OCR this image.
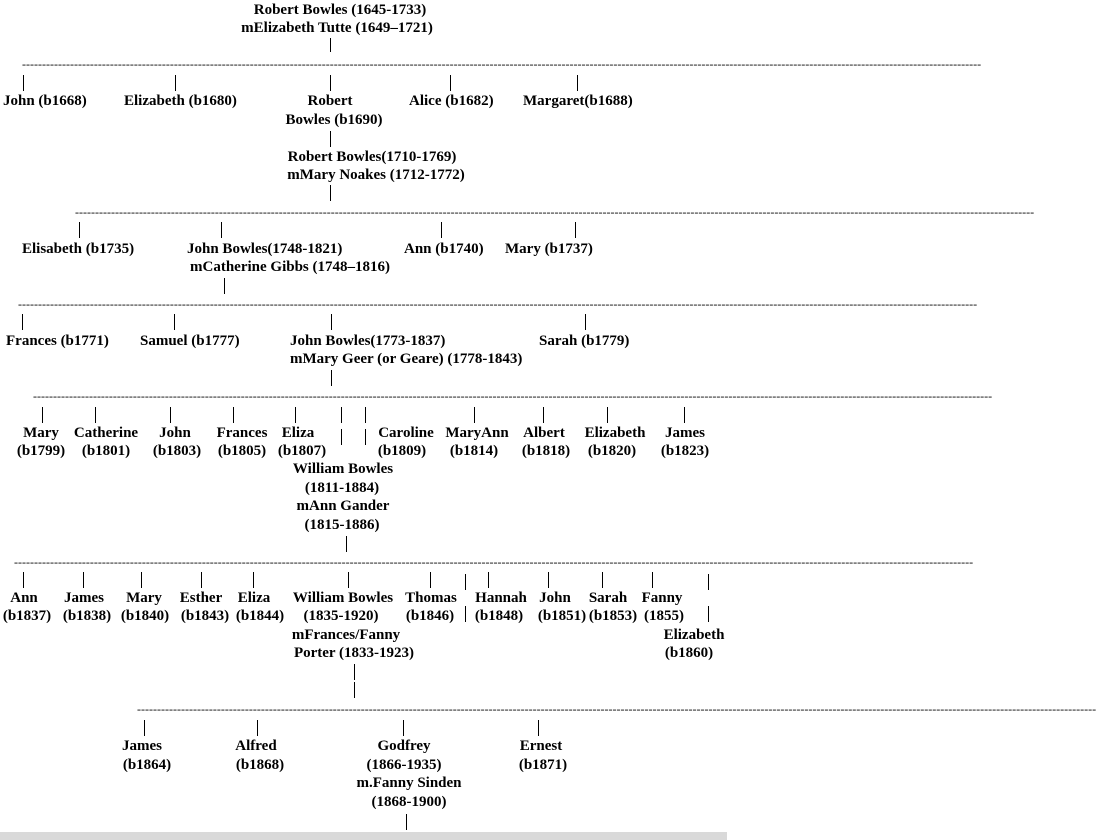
Robert Bowles (1645-1733)
mElizabeth Tutte (1649–1721)
------------------------------------------------------------------------------------------------------------------------------------------------------------------------------------------------------------------------------------------------
John (b1668) Elizabeth (b1680)	Alice (b1682) Margaret(b1688)
Robert
Bowles (b1690)
Robert Bowles(1710-1769)
mMary Noakes (1712-1772)
------------------------------------------------------------------------------------------------------------------------------------------------------------------------------------------------------------------------------------------------
Elisabeth (b1735)	Ann (b1740) Mary (b1737)
John Bowles(1748-1821)
mCatherine Gibbs (1748–1816)
------------------------------------------------------------------------------------------------------------------------------------------------------------------------------------------------------------------------------------------------
Frances (b1771) Samuel (b1777)	Sarah (b1779)
John Bowles(1773-1837)
mMary Geer (or Geare) (1778-1843)
------------------------------------------------------------------------------------------------------------------------------------------------------------------------------------------------------------------------------------------------
Mary
(b1799)
Catherine
(b1801)
John
(b1803)
Frances
(b1805)
Eliza
(b1807)
Caroline
(b1809)
MaryAnn
(b1814)
Albert
(b1818)
Elizabeth
(b1820)
James
(b1823)
William Bowles
(1811-1884)
mAnn Gander
(1815-1886)
------------------------------------------------------------------------------------------------------------------------------------------------------------------------------------------------------------------------------------------------
Ann
(b1837)
James
(b1838)
Mary
(b1840)
Esther
(b1843)
Eliza
(b1844)
Thomas
(b1846)
Hannah
(b1848)
John
(b1851)
Sarah
(b1853)
Fanny
(1855)
Elizabeth
(b1860)
William Bowles
(1835-1920)
mFrances/Fanny
Porter (1833-1923)
------------------------------------------------------------------------------------------------------------------------------------------------------------------------------------------------------------------------------------------------
James
(b1864)
Alfred
(b1868)
Ernest
(b1871)
Godfrey
(1866-1935)
m.Fanny Sinden
(1868-1900)
